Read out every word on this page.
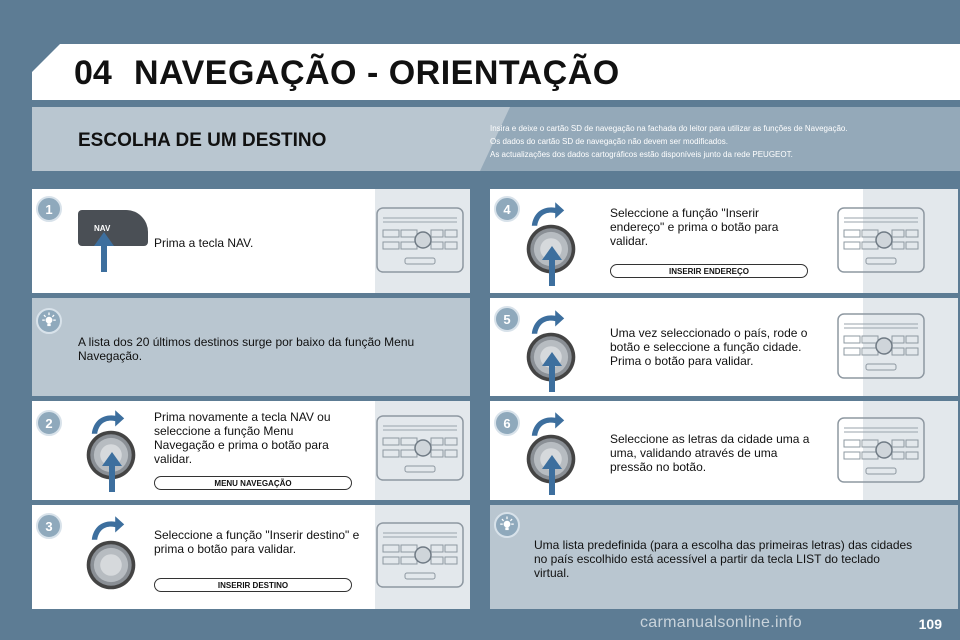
04 NAVEGAÇÃO - ORIENTAÇÃO
ESCOLHA DE UM DESTINO
Insira e deixe o cartão SD de navegação na fachada do leitor para utilizar as funções de Navegação.
Os dados do cartão SD de navegação não devem ser modificados.
As actualizações dos dados cartográficos estão disponíveis junto da rede PEUGEOT.
1
NAV
Prima a tecla NAV.
A lista dos 20 últimos destinos surge por baixo da função Menu Navegação.
2	Prima novamente a tecla NAV ou seleccione a função Menu Navegação e prima o botão para validar.
MENU NAVEGAÇÃO
3
Seleccione a função "Inserir destino" e prima o botão para validar.
INSERIR DESTINO
4	Seleccione a função "Inserir endereço" e prima o botão para validar.
INSERIR ENDEREÇO
5
Uma vez seleccionado o país, rode o botão e seleccione a função cidade. Prima o botão para validar.
6
Seleccione as letras da cidade uma a uma, validando através de uma pressão no botão.
Uma lista predefinida (para a escolha das primeiras letras) das cidades no país escolhido está acessível a partir da tecla LIST do teclado virtual.
carmanualsonline.info	109
